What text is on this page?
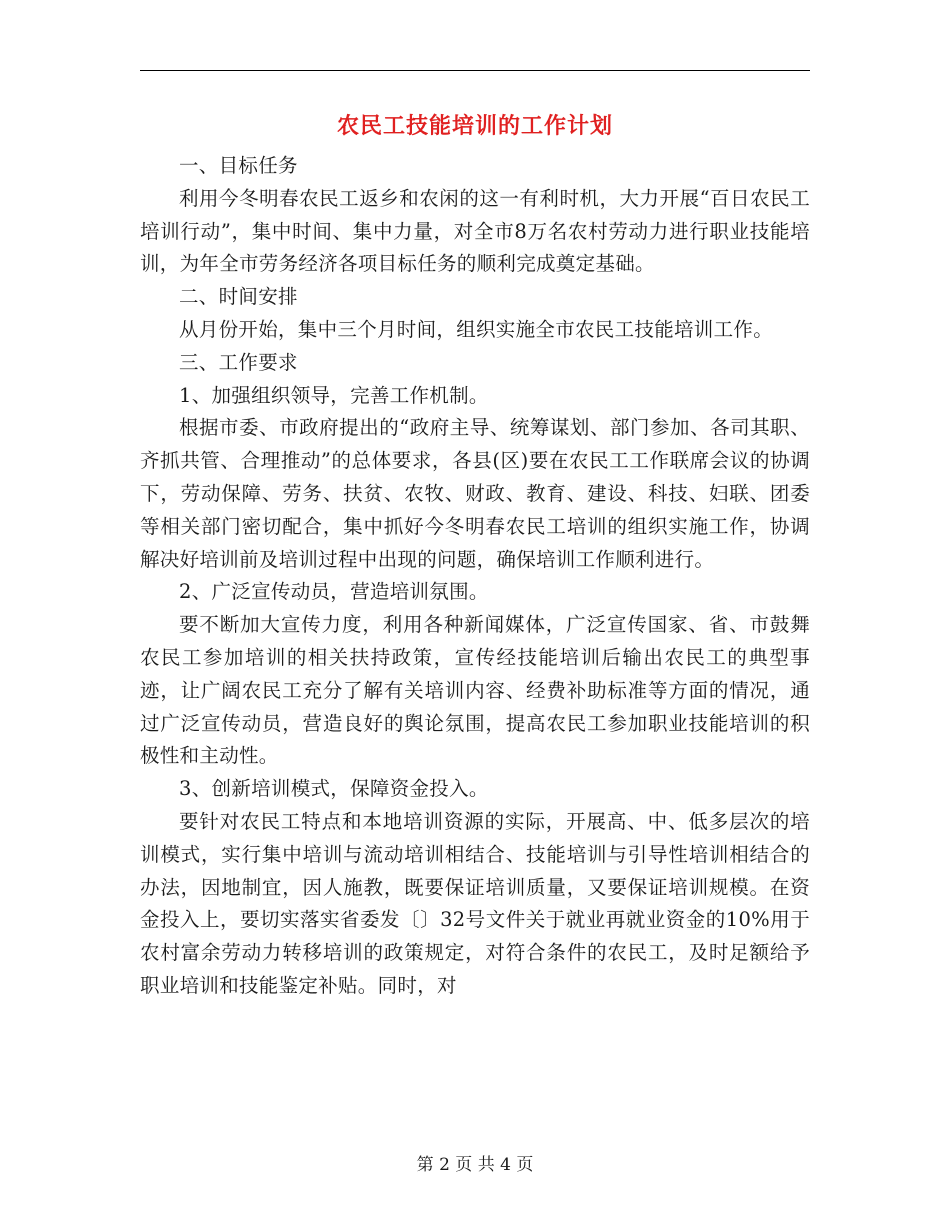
农民工技能培训的工作计划

一、目标任务

利用今冬明春农民工返乡和农闲的这一有利时机，大力开展“百日农民工培训行动”，集中时间、集中力量，对全市8万名农村劳动力进行职业技能培训，为年全市劳务经济各项目标任务的顺利完成奠定基础。

二、时间安排

从月份开始，集中三个月时间，组织实施全市农民工技能培训工作。

三、工作要求

1、加强组织领导，完善工作机制。

根据市委、市政府提出的“政府主导、统筹谋划、部门参加、各司其职、齐抓共管、合理推动”的总体要求，各县(区)要在农民工工作联席会议的协调下，劳动保障、劳务、扶贫、农牧、财政、教育、建设、科技、妇联、团委等相关部门密切配合，集中抓好今冬明春农民工培训的组织实施工作，协调解决好培训前及培训过程中出现的问题，确保培训工作顺利进行。

2、广泛宣传动员，营造培训氛围。

要不断加大宣传力度，利用各种新闻媒体，广泛宣传国家、省、市鼓舞农民工参加培训的相关扶持政策，宣传经技能培训后输出农民工的典型事迹，让广阔农民工充分了解有关培训内容、经费补助标准等方面的情况，通过广泛宣传动员，营造良好的舆论氛围，提高农民工参加职业技能培训的积极性和主动性。

3、创新培训模式，保障资金投入。

要针对农民工特点和本地培训资源的实际，开展高、中、低多层次的培训模式，实行集中培训与流动培训相结合、技能培训与引导性培训相结合的办法，因地制宜，因人施教，既要保证培训质量，又要保证培训规模。在资金投入上，要切实落实省委发〔〕32号文件关于就业再就业资金的10%用于农村富余劳动力转移培训的政策规定，对符合条件的农民工，及时足额给予职业培训和技能鉴定补贴。同时，对

第 2 页 共 4 页
